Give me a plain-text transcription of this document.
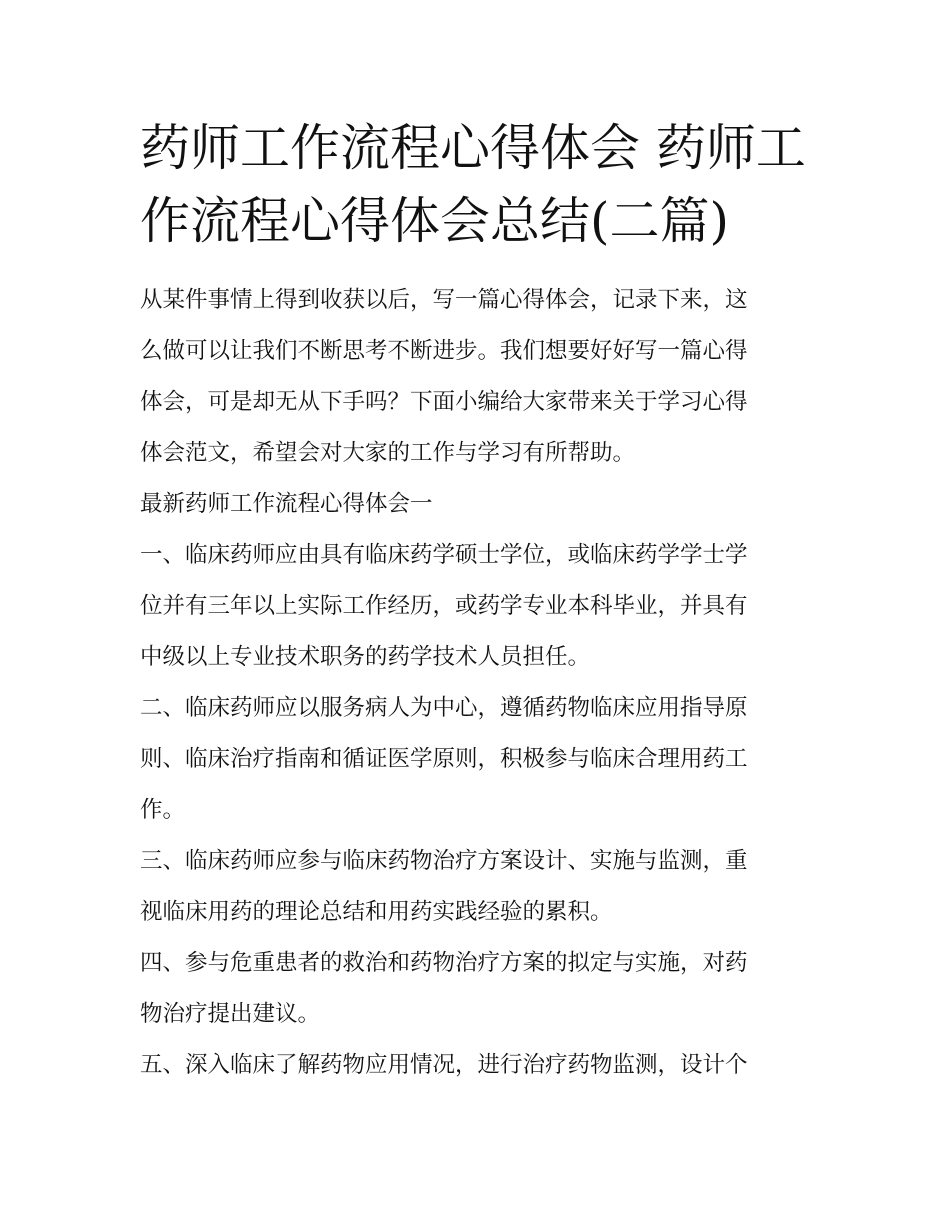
药师工作流程心得体会 药师工
作流程心得体会总结(二篇)
从某件事情上得到收获以后，写一篇心得体会，记录下来，这
么做可以让我们不断思考不断进步。我们想要好好写一篇心得
体会，可是却无从下手吗？下面小编给大家带来关于学习心得
体会范文，希望会对大家的工作与学习有所帮助。
最新药师工作流程心得体会一
一、临床药师应由具有临床药学硕士学位，或临床药学学士学
位并有三年以上实际工作经历，或药学专业本科毕业，并具有
中级以上专业技术职务的药学技术人员担任。
二、临床药师应以服务病人为中心，遵循药物临床应用指导原
则、临床治疗指南和循证医学原则，积极参与临床合理用药工
作。
三、临床药师应参与临床药物治疗方案设计、实施与监测，重
视临床用药的理论总结和用药实践经验的累积。
四、参与危重患者的救治和药物治疗方案的拟定与实施，对药
物治疗提出建议。
五、深入临床了解药物应用情况，进行治疗药物监测，设计个
